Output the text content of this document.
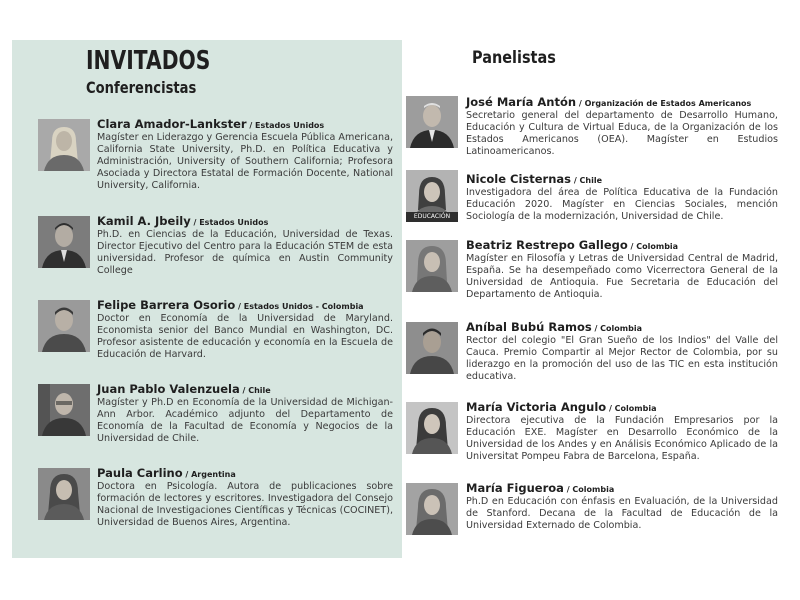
INVITADOS
Conferencistas
Panelistas
Clara Amador-Lankster / Estados Unidos
Magíster en Liderazgo y Gerencia Escuela Pública Americana, California State University, Ph.D. en Política Educativa y Administración, University of Southern California; Profesora Asociada y Directora Estatal de Formación Docente, National University, California.
Kamil A. Jbeily / Estados Unidos
Ph.D. en Ciencias de la Educación, Universidad de Texas. Director Ejecutivo del Centro para la Educación STEM de esta universidad. Profesor de química en Austin Community College
Felipe Barrera Osorio / Estados Unidos - Colombia
Doctor en Economía de la Universidad de Maryland. Economista senior del Banco Mundial en Washington, DC. Profesor asistente de educación y economía en la Escuela de Educación de Harvard.
Juan Pablo Valenzuela / Chile
Magíster y Ph.D en Economía de la Universidad de Michigan-Ann Arbor. Académico adjunto del Departamento de Economía de la Facultad de Economía y Negocios de la Universidad de Chile.
Paula Carlino / Argentina
Doctora en Psicología. Autora de publicaciones sobre formación de lectores y escritores. Investigadora del Consejo Nacional de Investigaciones Científicas y Técnicas (COCINET), Universidad de Buenos Aires, Argentina.
José María Antón / Organización de Estados Americanos
Secretario general del departamento de Desarrollo Humano, Educación y Cultura de Virtual Educa, de la Organización de los Estados Americanos (OEA). Magíster en Estudios Latinoamericanos.
EDUCACIÓN
Nicole Cisternas / Chile
Investigadora del área de Política Educativa de la Fundación Educación 2020. Magíster en Ciencias Sociales, mención Sociología de la modernización, Universidad de Chile.
Beatriz Restrepo Gallego / Colombia
Magíster en Filosofía y Letras de Universidad Central de Madrid, España. Se ha desempeñado como Vicerrectora General de la Universidad de Antioquia. Fue Secretaria de Educación del Departamento de Antioquia.
Aníbal Bubú Ramos / Colombia
Rector del colegio "El Gran Sueño de los Indios" del Valle del Cauca. Premio Compartir al Mejor Rector de Colombia, por su liderazgo en la promoción del uso de las TIC en esta institución educativa.
María Victoria Angulo / Colombia
Directora ejecutiva de la Fundación Empresarios por la Educación EXE. Magíster en Desarrollo Económico de la Universidad de los Andes y en Análisis Económico Aplicado de la Universitat Pompeu Fabra de Barcelona, España.
María Figueroa / Colombia
Ph.D en Educación con énfasis en Evaluación, de la Universidad de Stanford. Decana de la Facultad de Educación de la Universidad Externado de Colombia.
